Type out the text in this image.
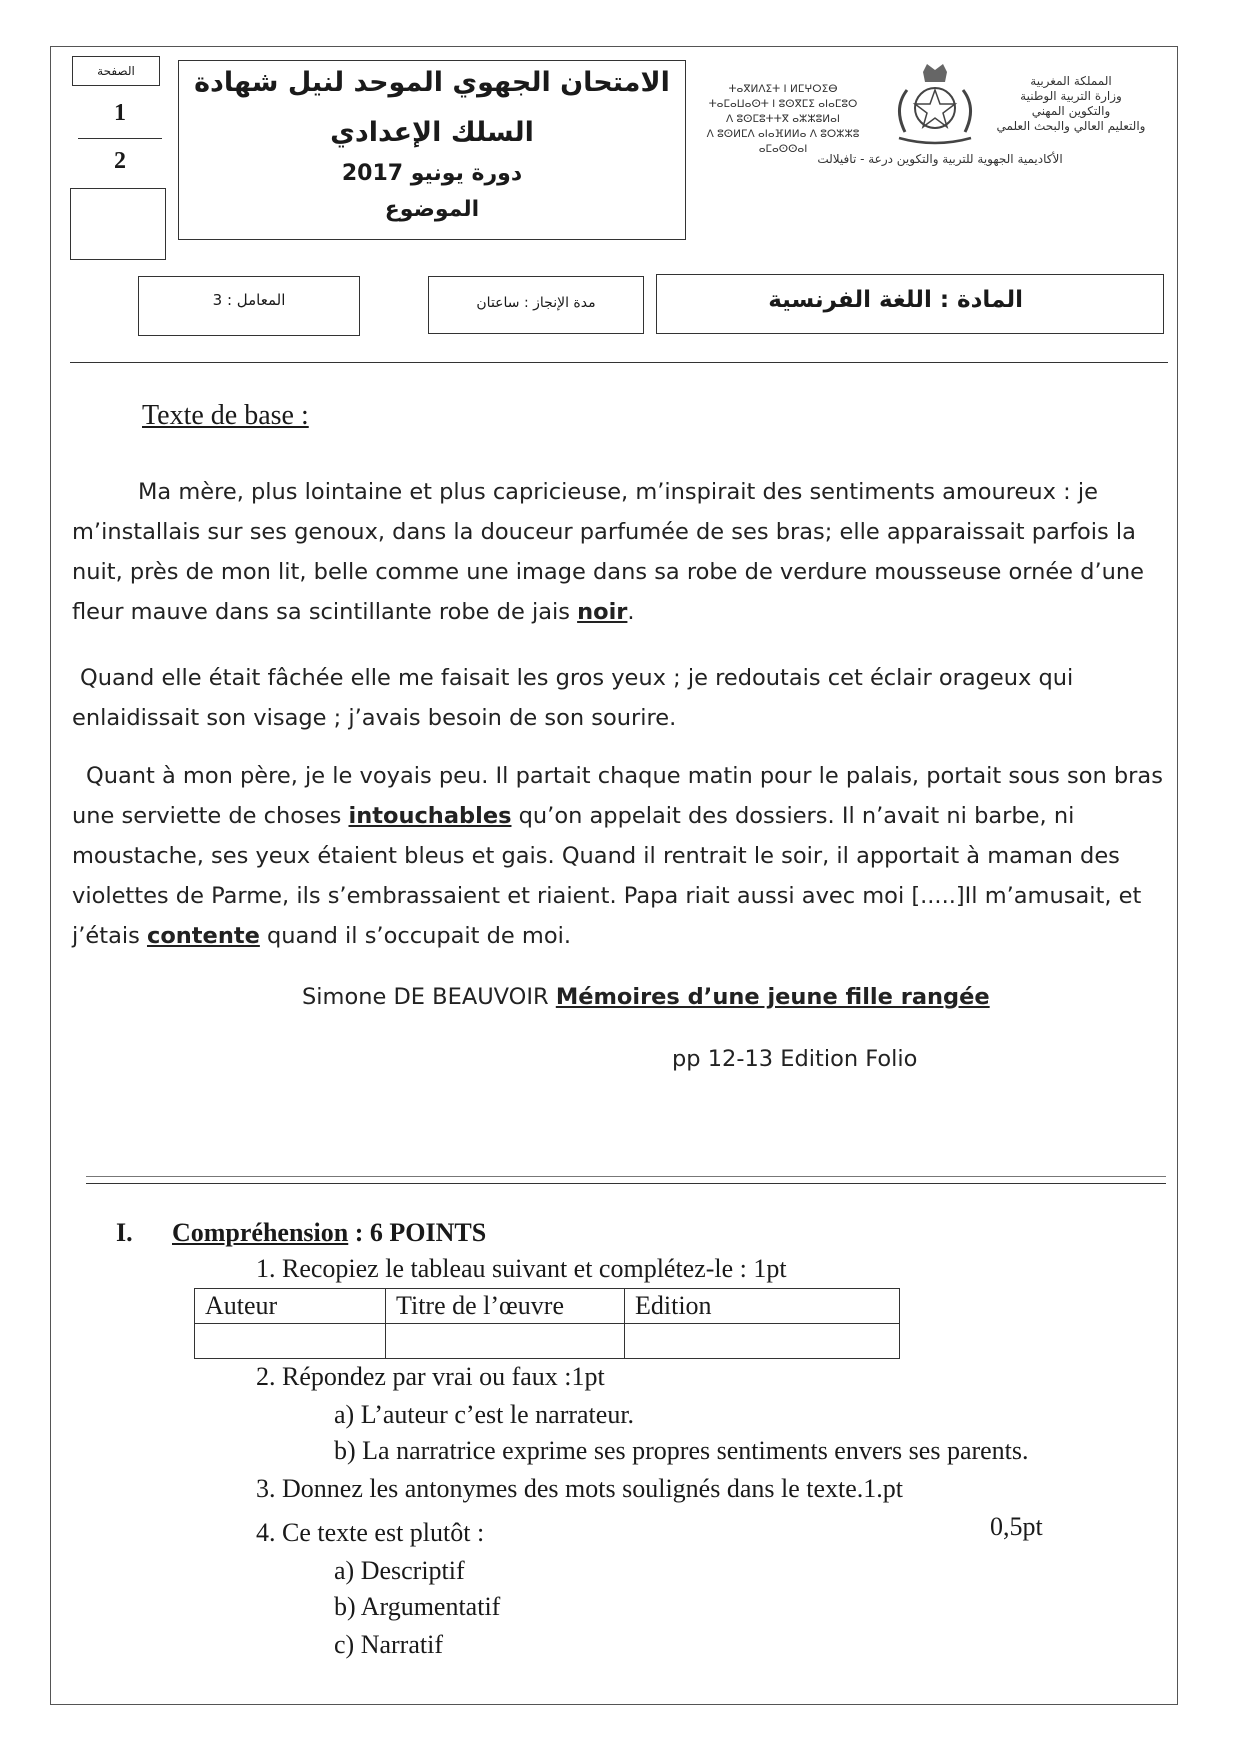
الصفحة
1
2
الامتحان الجهوي الموحد لنيل شهادة
السلك الإعدادي
دورة يونيو 2017
الموضوع
ⵜⴰⴳⵍⴷⵉⵜ ⵏ ⵍⵎⵖⵔⵉⴱ
ⵜⴰⵎⴰⵡⴰⵙⵜ ⵏ ⵓⵙⴳⵎⵉ ⴰⵏⴰⵎⵓⵔ
ⴷ ⵓⵙⵎⵓⵜⵜⴳ ⴰⵣⵣⵓⵍⴰⵏ
ⴷ ⵓⵙⵍⵎⴷ ⴰⵏⴰⴼⵍⵍⴰ ⴷ ⵓⵔⵣⵣⵓ ⴰⵎⴰⵙⵙⴰⵏ
المملكة المغربية
وزارة التربية الوطنية
والتكوين المهني
والتعليم العالي والبحث العلمي
الأكاديمية الجهوية للتربية والتكوين درعة - تافيلالت
المعامل : 3	مدة الإنجاز : ساعتان	المادة : اللغة الفرنسية
Texte de base :

Ma mère, plus lointaine et plus capricieuse, m’inspirait des sentiments amoureux : je m’installais sur ses genoux, dans la douceur parfumée de ses bras; elle apparaissait parfois la nuit, près de mon lit, belle comme une image dans sa robe de verdure mousseuse ornée d’une fleur mauve dans sa scintillante robe de jais noir.

Quand elle était fâchée elle me faisait les gros yeux ; je redoutais cet éclair orageux qui enlaidissait son visage ; j’avais besoin de son sourire.

Quant à mon père, je le voyais peu. Il partait chaque matin pour le palais, portait sous son bras une serviette de choses intouchables qu’on appelait des dossiers. Il n’avait ni barbe, ni moustache, ses yeux étaient bleus et gais. Quand il rentrait le soir, il apportait à maman des violettes de Parme, ils s’embrassaient et riaient. Papa riait aussi avec moi [.....]Il m’amusait, et j’étais contente quand il s’occupait de moi.

Simone DE BEAUVOIR Mémoires d’une jeune fille rangée
pp 12-13 Edition Folio
I. Compréhension : 6 POINTS
1. Recopiez le tableau suivant et complétez-le : 1pt
Auteur	Titre de l’œuvre	Edition

2. Répondez par vrai ou faux :1pt
a) L’auteur c’est le narrateur.
b) La narratrice exprime ses propres sentiments envers ses parents.
3. Donnez les antonymes des mots soulignés dans le texte.1.pt
4. Ce texte est plutôt :	0,5pt
a) Descriptif
b) Argumentatif
c) Narratif
